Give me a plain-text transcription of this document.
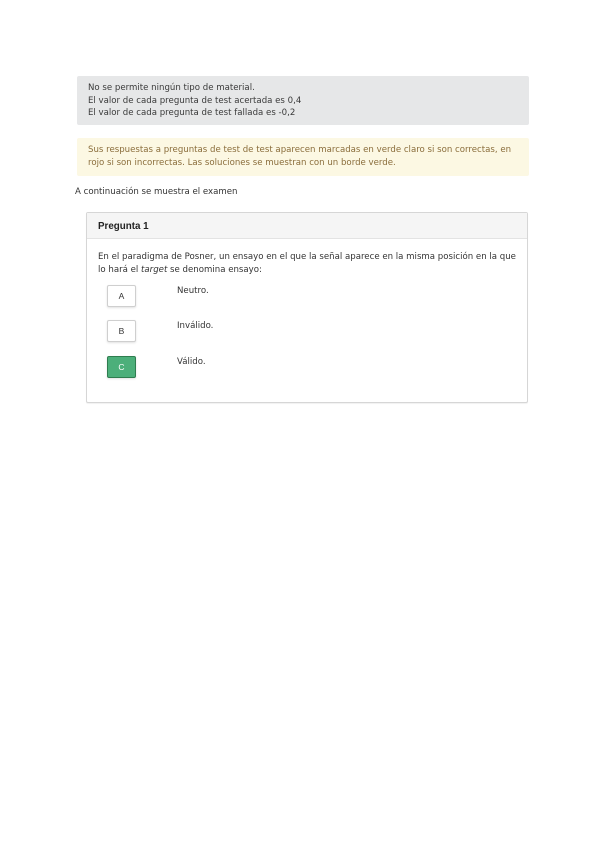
No se permite ningún tipo de material.
El valor de cada pregunta de test acertada es 0,4
El valor de cada pregunta de test fallada es -0,2
Sus respuestas a preguntas de test de test aparecen marcadas en verde claro si son correctas, en rojo si son incorrectas. Las soluciones se muestran con un borde verde.
A continuación se muestra el examen
Pregunta 1
En el paradigma de Posner, un ensayo en el que la señal aparece en la misma posición en la que lo hará el target se denomina ensayo:
A	Neutro.
B	Inválido.
C	Válido.
